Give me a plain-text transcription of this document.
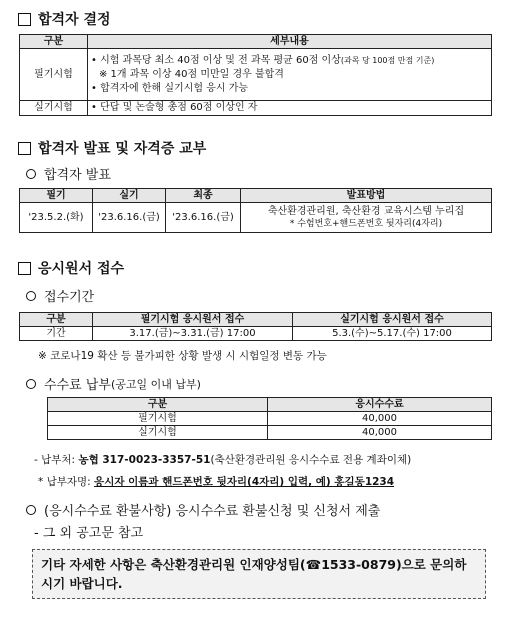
합격자 결정
구분	세부내용
필기시험	• 시험 과목당 최소 40점 이상 및 전 과목 평균 60점 이상(과목 당 100점 만점 기준)
※ 1개 과목 이상 40점 미만일 경우 불합격
• 합격자에 한해 실기시험 응시 가능

실기시험	• 단답 및 논술형 총점 60점 이상인 자
합격자 발표 및 자격증 교부
합격자 발표
필기	실기	최종	발표방법
'23.5.2.(화)	'23.6.16.(금)	'23.6.16.(금)	축산환경관리원, 축산환경 교육시스템 누리집
* 수험번호+핸드폰번호 뒷자리(4자리)
응시원서 접수
접수기간
구분	필기시험 응시원서 접수	실기시험 응시원서 접수
기간	3.17.(금)~3.31.(금) 17:00	5.3.(수)~5.17.(수) 17:00
※ 코로나19 확산 등 불가피한 상황 발생 시 시험일정 변동 가능
수수료 납부 (공고일 이내 납부)
구분	응시수수료
필기시험	40,000
실기시험	40,000
- 납부처: 농협 317-0023-3357-51(축산환경관리원 응시수수료 전용 계좌이체)
* 납부자명: 응시자 이름과 핸드폰번호 뒷자리(4자리) 입력, 예) 홍길동1234
(응시수수료 환불사항)
응시수수료 환불신청 및 신청서 제출
- 그 외 공고문 참고
기타 자세한 사항은 축산환경관리원 인재양성팀(☎1533-0879)으로 문의하시기 바랍니다.
